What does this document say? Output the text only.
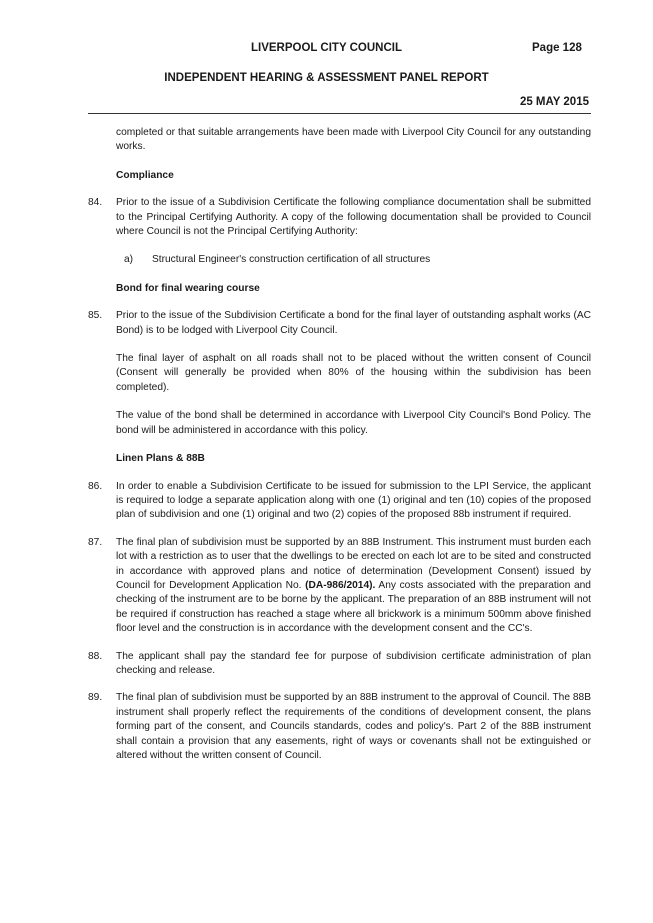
LIVERPOOL CITY COUNCIL	Page 128
INDEPENDENT HEARING & ASSESSMENT PANEL REPORT
25 MAY 2015

completed or that suitable arrangements have been made with Liverpool City Council for any outstanding works.

Compliance

84. Prior to the issue of a Subdivision Certificate the following compliance documentation shall be submitted to the Principal Certifying Authority. A copy of the following documentation shall be provided to Council where Council is not the Principal Certifying Authority:

a) Structural Engineer's construction certification of all structures

Bond for final wearing course

85. Prior to the issue of the Subdivision Certificate a bond for the final layer of outstanding asphalt works (AC Bond) is to be lodged with Liverpool City Council.

The final layer of asphalt on all roads shall not to be placed without the written consent of Council (Consent will generally be provided when 80% of the housing within the subdivision has been completed).

The value of the bond shall be determined in accordance with Liverpool City Council's Bond Policy. The bond will be administered in accordance with this policy.

Linen Plans & 88B

86. In order to enable a Subdivision Certificate to be issued for submission to the LPI Service, the applicant is required to lodge a separate application along with one (1) original and ten (10) copies of the proposed plan of subdivision and one (1) original and two (2) copies of the proposed 88b instrument if required.

87. The final plan of subdivision must be supported by an 88B Instrument. This instrument must burden each lot with a restriction as to user that the dwellings to be erected on each lot are to be sited and constructed in accordance with approved plans and notice of determination (Development Consent) issued by Council for Development Application No. (DA-986/2014). Any costs associated with the preparation and checking of the instrument are to be borne by the applicant. The preparation of an 88B instrument will not be required if construction has reached a stage where all brickwork is a minimum 500mm above finished floor level and the construction is in accordance with the development consent and the CC's.

88. The applicant shall pay the standard fee for purpose of subdivision certificate administration of plan checking and release.

89. The final plan of subdivision must be supported by an 88B instrument to the approval of Council. The 88B instrument shall properly reflect the requirements of the conditions of development consent, the plans forming part of the consent, and Councils standards, codes and policy's. Part 2 of the 88B instrument shall contain a provision that any easements, right of ways or covenants shall not be extinguished or altered without the written consent of Council.
